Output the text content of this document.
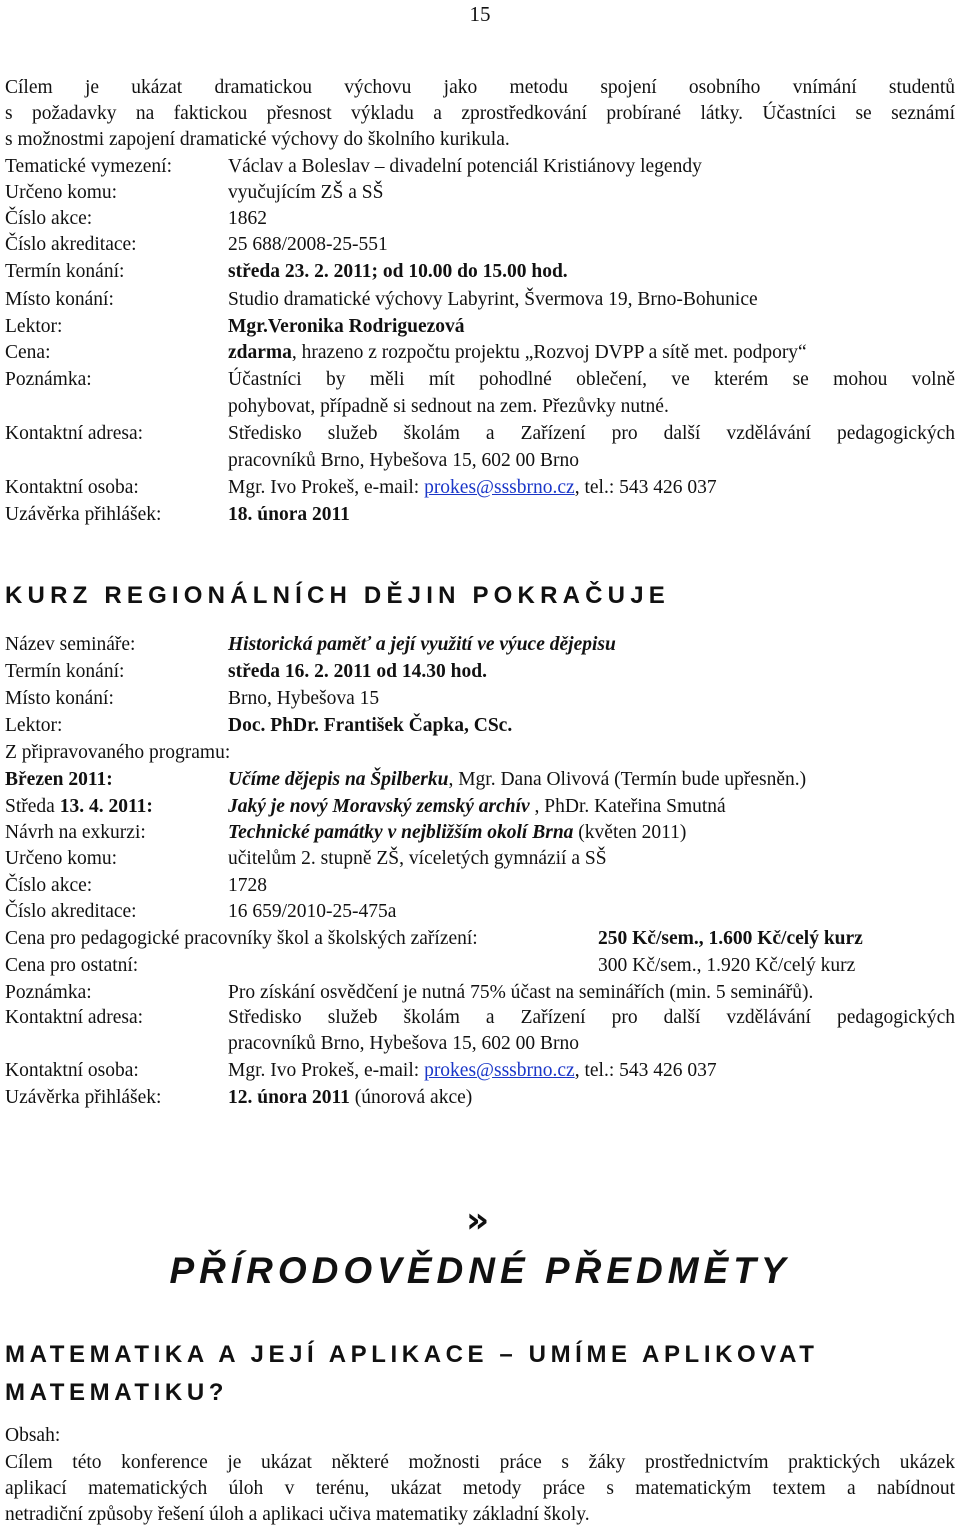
15
Cílem je ukázat dramatickou výchovu jako metodu spojení osobního vnímání studentů
s požadavky na faktickou přesnost výkladu a zprostředkování probírané látky. Účastníci se seznámí
s možnostmi zapojení dramatické výchovy do školního kurikula.
Tematické vymezení:	Václav a Boleslav – divadelní potenciál Kristiánovy legendy
Určeno komu:	vyučujícím ZŠ a SŠ
Číslo akce:	1862
Číslo akreditace:	25 688/2008-25-551
Termín konání:	středa 23. 2. 2011; od 10.00 do 15.00 hod.
Místo konání:	Studio dramatické výchovy Labyrint, Švermova 19, Brno-Bohunice
Lektor:	Mgr.Veronika Rodriguezová
Cena:	zdarma, hrazeno z rozpočtu projektu „Rozvoj DVPP a sítě met. podpory“
Poznámka:	Účastníci by měli mít pohodlné oblečení, ve kterém se mohou volně
pohybovat, případně si sednout na zem. Přezůvky nutné.
Kontaktní adresa:	Středisko služeb školám a Zařízení pro další vzdělávání pedagogických
pracovníků Brno, Hybešova 15, 602 00 Brno
Kontaktní osoba:	Mgr. Ivo Prokeš, e-mail: prokes@sssbrno.cz, tel.: 543 426 037
Uzávěrka přihlášek:	18. února 2011
KURZ REGIONÁLNÍCH DĚJIN POKRAČUJE
Název semináře:	Historická paměť a její využití ve výuce dějepisu
Termín konání:	středa 16. 2. 2011 od 14.30 hod.
Místo konání:	Brno, Hybešova 15
Lektor:	Doc. PhDr. František Čapka, CSc.
Z připravovaného programu:
Březen 2011:	Učíme dějepis na Špilberku, Mgr. Dana Olivová (Termín bude upřesněn.)
Středa 13. 4. 2011:	Jaký je nový Moravský zemský archív , PhDr. Kateřina Smutná
Návrh na exkurzi:	Technické památky v nejbližším okolí Brna (květen 2011)
Určeno komu:	učitelům 2. stupně ZŠ, víceletých gymnázií a SŠ
Číslo akce:	1728
Číslo akreditace:	16 659/2010-25-475a
Cena pro pedagogické pracovníky škol a školských zařízení:	250 Kč/sem., 1.600 Kč/celý kurz
Cena pro ostatní:	300 Kč/sem., 1.920 Kč/celý kurz
Poznámka:	Pro získání osvědčení je nutná 75% účast na seminářích (min. 5 seminářů).
Kontaktní adresa:	Středisko služeb školám a Zařízení pro další vzdělávání pedagogických
pracovníků Brno, Hybešova 15, 602 00 Brno
Kontaktní osoba:	Mgr. Ivo Prokeš, e-mail: prokes@sssbrno.cz, tel.: 543 426 037
Uzávěrka přihlášek:	12. února 2011 (únorová akce)
»
PŘÍRODOVĚDNÉ PŘEDMĚTY
MATEMATIKA A JEJÍ APLIKACE – UMÍME APLIKOVAT
MATEMATIKU?
Obsah:
Cílem této konference je ukázat některé možnosti práce s žáky prostřednictvím praktických ukázek
aplikací matematických úloh v terénu, ukázat metody práce s matematickým textem a nabídnout
netradiční způsoby řešení úloh a aplikaci učiva matematiky základní školy.
